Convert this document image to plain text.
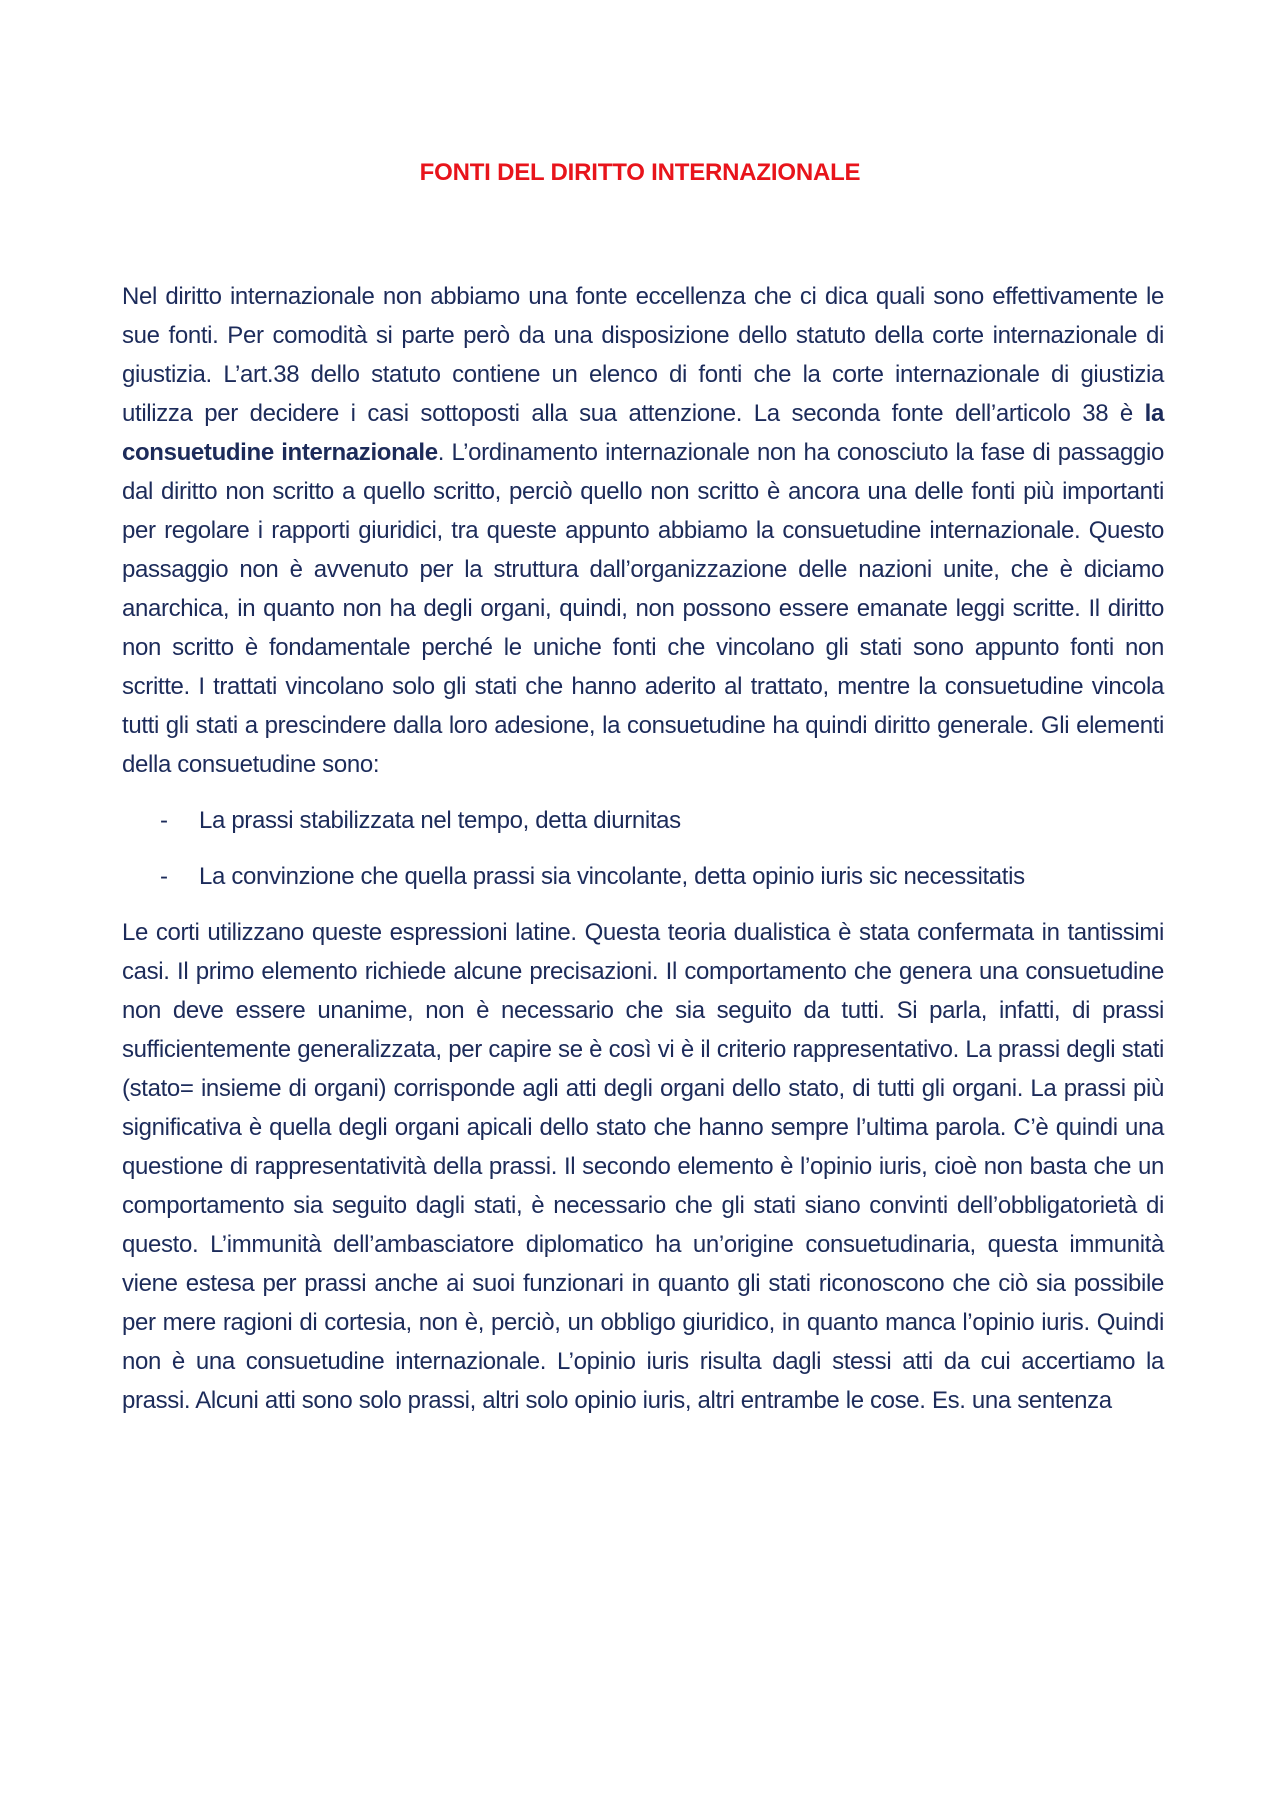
FONTI DEL DIRITTO INTERNAZIONALE

Nel diritto internazionale non abbiamo una fonte eccellenza che ci dica quali sono effettivamente le sue fonti. Per comodità si parte però da una disposizione dello statuto della corte internazionale di giustizia. L’art.38 dello statuto contiene un elenco di fonti che la corte internazionale di giustizia utilizza per decidere i casi sottoposti alla sua attenzione. La seconda fonte dell’articolo 38 è la consuetudine internazionale. L’ordinamento internazionale non ha conosciuto la fase di passaggio dal diritto non scritto a quello scritto, perciò quello non scritto è ancora una delle fonti più importanti per regolare i rapporti giuridici, tra queste appunto abbiamo la consuetudine internazionale. Questo passaggio non è avvenuto per la struttura dall’organizzazione delle nazioni unite, che è diciamo anarchica, in quanto non ha degli organi, quindi, non possono essere emanate leggi scritte. Il diritto non scritto è fondamentale perché le uniche fonti che vincolano gli stati sono appunto fonti non scritte. I trattati vincolano solo gli stati che hanno aderito al trattato, mentre la consuetudine vincola tutti gli stati a prescindere dalla loro adesione, la consuetudine ha quindi diritto generale. Gli elementi della consuetudine sono:

- La prassi stabilizzata nel tempo, detta diurnitas
- La convinzione che quella prassi sia vincolante, detta opinio iuris sic necessitatis

Le corti utilizzano queste espressioni latine. Questa teoria dualistica è stata confermata in tantissimi casi. Il primo elemento richiede alcune precisazioni. Il comportamento che genera una consuetudine non deve essere unanime, non è necessario che sia seguito da tutti. Si parla, infatti, di prassi sufficientemente generalizzata, per capire se è così vi è il criterio rappresentativo. La prassi degli stati (stato= insieme di organi) corrisponde agli atti degli organi dello stato, di tutti gli organi. La prassi più significativa è quella degli organi apicali dello stato che hanno sempre l’ultima parola. C’è quindi una questione di rappresentatività della prassi. Il secondo elemento è l’opinio iuris, cioè non basta che un comportamento sia seguito dagli stati, è necessario che gli stati siano convinti dell’obbligatorietà di questo. L’immunità dell’ambasciatore diplomatico ha un’origine consuetudinaria, questa immunità viene estesa per prassi anche ai suoi funzionari in quanto gli stati riconoscono che ciò sia possibile per mere ragioni di cortesia, non è, perciò, un obbligo giuridico, in quanto manca l’opinio iuris. Quindi non è una consuetudine internazionale. L’opinio iuris risulta dagli stessi atti da cui accertiamo la prassi. Alcuni atti sono solo prassi, altri solo opinio iuris, altri entrambe le cose. Es. una sentenza
